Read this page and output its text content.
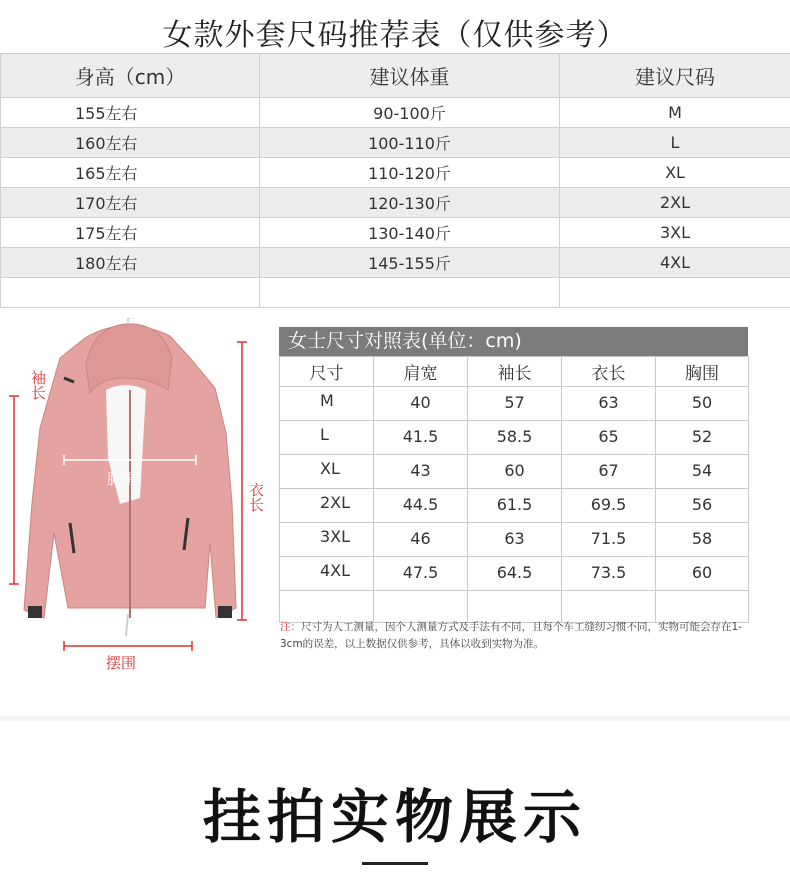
女款外套尺码推荐表（仅供参考）
身高（cm）	建议体重	建议尺码
155左右	90-100斤	M
160左右	100-110斤	L
165左右	110-120斤	XL
170左右	120-130斤	2XL
175左右	130-140斤	3XL
180左右	145-155斤	4XL

袖长
胸围
衣长
摆围
女士尺寸对照表(单位：cm)
尺寸	肩宽	袖长	衣长	胸围
M	40	57	63	50
L	41.5	58.5	65	52
XL	43	60	67	54
2XL	44.5	61.5	69.5	56
3XL	46	63	71.5	58
4XL	47.5	64.5	73.5	60

注：尺寸为人工测量，因个人测量方式及手法有不同，且每个车工缝纫习惯不同，实物可能会存在1-3cm的误差，以上数据仅供参考，具体以收到实物为准。
挂拍实物展示
